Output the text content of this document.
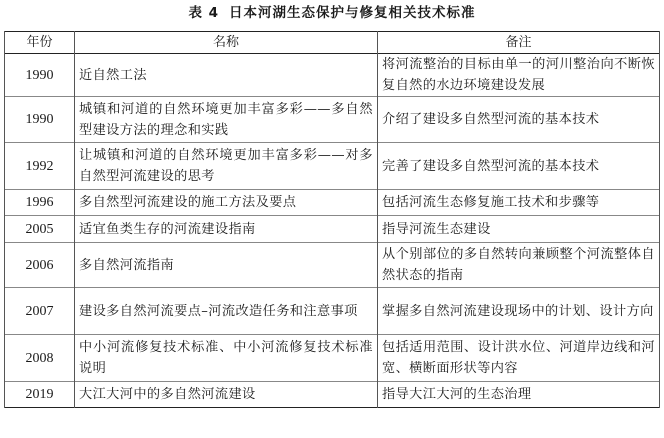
表 4 日本河湖生态保护与修复相关技术标准
年份	名称	备注
1990	近自然工法	将河流整治的目标由单一的河川整治向不断恢复自然的水边环境建设发展
1990	城镇和河道的自然环境更加丰富多彩——多自然型建设方法的理念和实践	介绍了建设多自然型河流的基本技术
1992	让城镇和河道的自然环境更加丰富多彩——对多自然型河流建设的思考	完善了建设多自然型河流的基本技术
1996	多自然型河流建设的施工方法及要点	包括河流生态修复施工技术和步骤等
2005	适宜鱼类生存的河流建设指南	指导河流生态建设
2006	多自然河流指南	从个别部位的多自然转向兼顾整个河流整体自然状态的指南
2007	建设多自然河流要点–河流改造任务和注意事项	掌握多自然河流建设现场中的计划、设计方向
2008	中小河流修复技术标准、中小河流修复技术标准说明	包括适用范围、设计洪水位、河道岸边线和河宽、横断面形状等内容
2019	大江大河中的多自然河流建设	指导大江大河的生态治理
